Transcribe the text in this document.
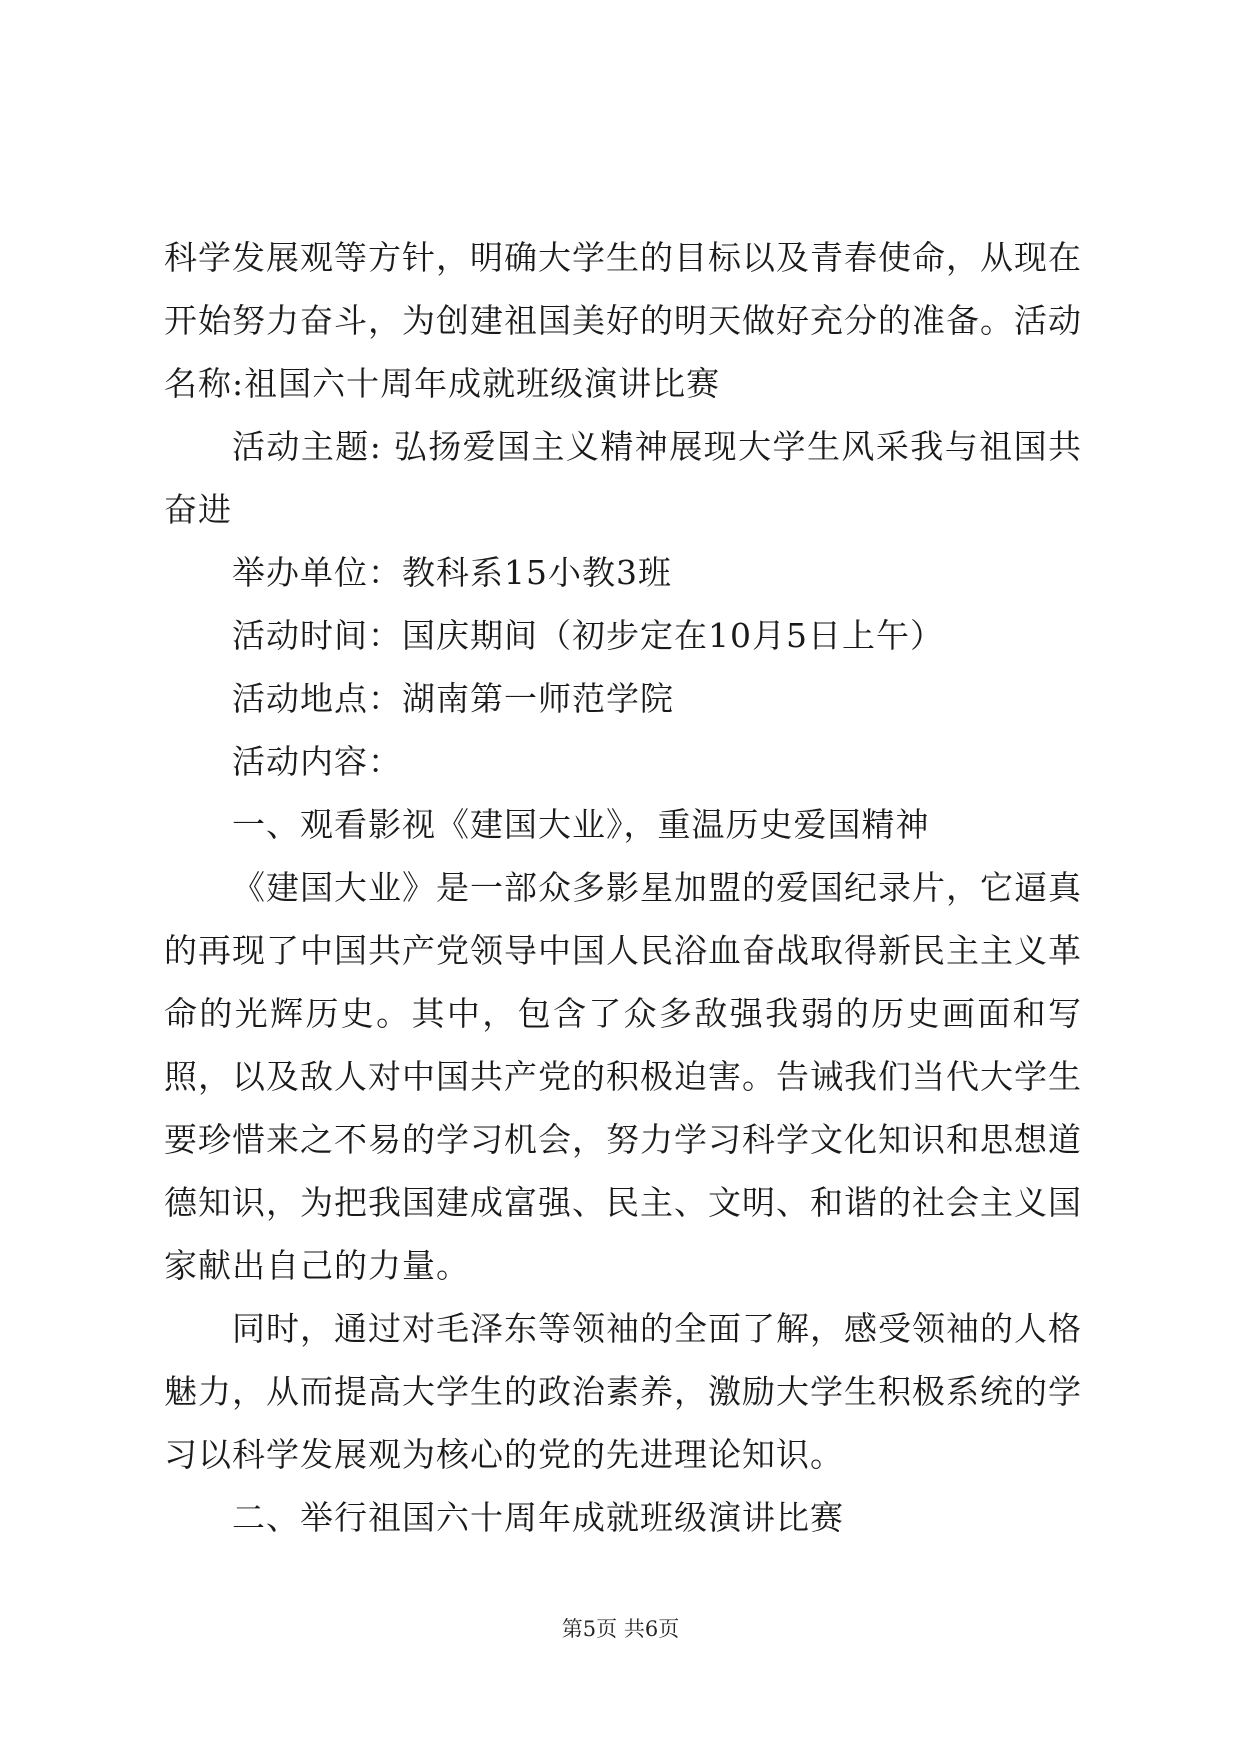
科学发展观等方针，明确大学生的目标以及青春使命，从现在开始努力奋斗，为创建祖国美好的明天做好充分的准备。活动名称:祖国六十周年成就班级演讲比赛

活动主题: 弘扬爱国主义精神展现大学生风采我与祖国共奋进

举办单位：教科系15小教3班

活动时间：国庆期间（初步定在10月5日上午）

活动地点：湖南第一师范学院

活动内容：

一、观看影视《建国大业》，重温历史爱国精神

《建国大业》是一部众多影星加盟的爱国纪录片，它逼真的再现了中国共产党领导中国人民浴血奋战取得新民主主义革命的光辉历史。其中，包含了众多敌强我弱的历史画面和写照，以及敌人对中国共产党的积极迫害。告诫我们当代大学生要珍惜来之不易的学习机会，努力学习科学文化知识和思想道德知识，为把我国建成富强、民主、文明、和谐的社会主义国家献出自己的力量。

同时，通过对毛泽东等领袖的全面了解，感受领袖的人格魅力，从而提高大学生的政治素养，激励大学生积极系统的学习以科学发展观为核心的党的先进理论知识。

二、举行祖国六十周年成就班级演讲比赛

第5页 共6页
